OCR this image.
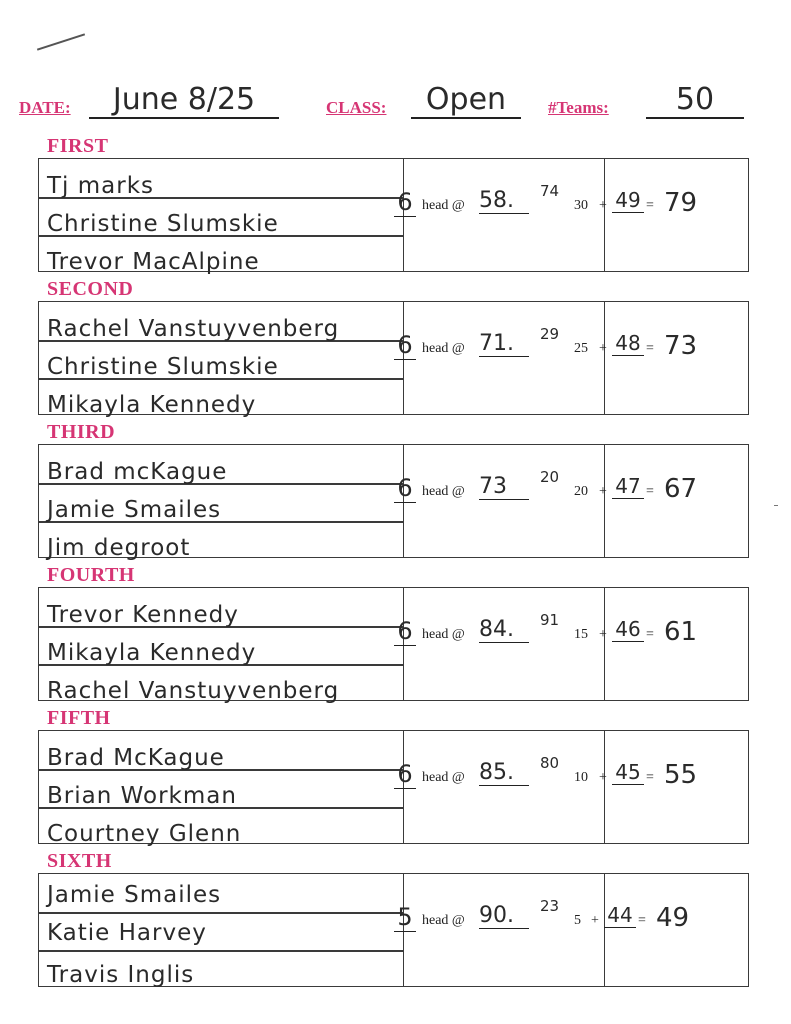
DATE:	June 8/25	CLASS:	Open	#Teams:	50
FIRST
Tj marks
Christine Slumskie
Trevor MacAlpine
6 head @ 58.	74
30 + 49 = 79
SECOND
Rachel Vanstuyvenberg
Christine Slumskie
Mikayla Kennedy
6 head @ 71.	29
25 + 48 = 73
THIRD
Brad mcKague
Jamie Smailes
Jim degroot
6 head @ 73	20
20 + 47 = 67
FOURTH
Trevor Kennedy
Mikayla Kennedy
Rachel Vanstuyvenberg
6 head @ 84.	91
15 + 46 = 61
FIFTH
Brad McKague
Brian Workman
Courtney Glenn
6 head @ 85.	80
10 + 45 = 55
SIXTH
Jamie Smailes
Katie Harvey
Travis Inglis
5 head @ 90.	23
5 + 44 = 49
